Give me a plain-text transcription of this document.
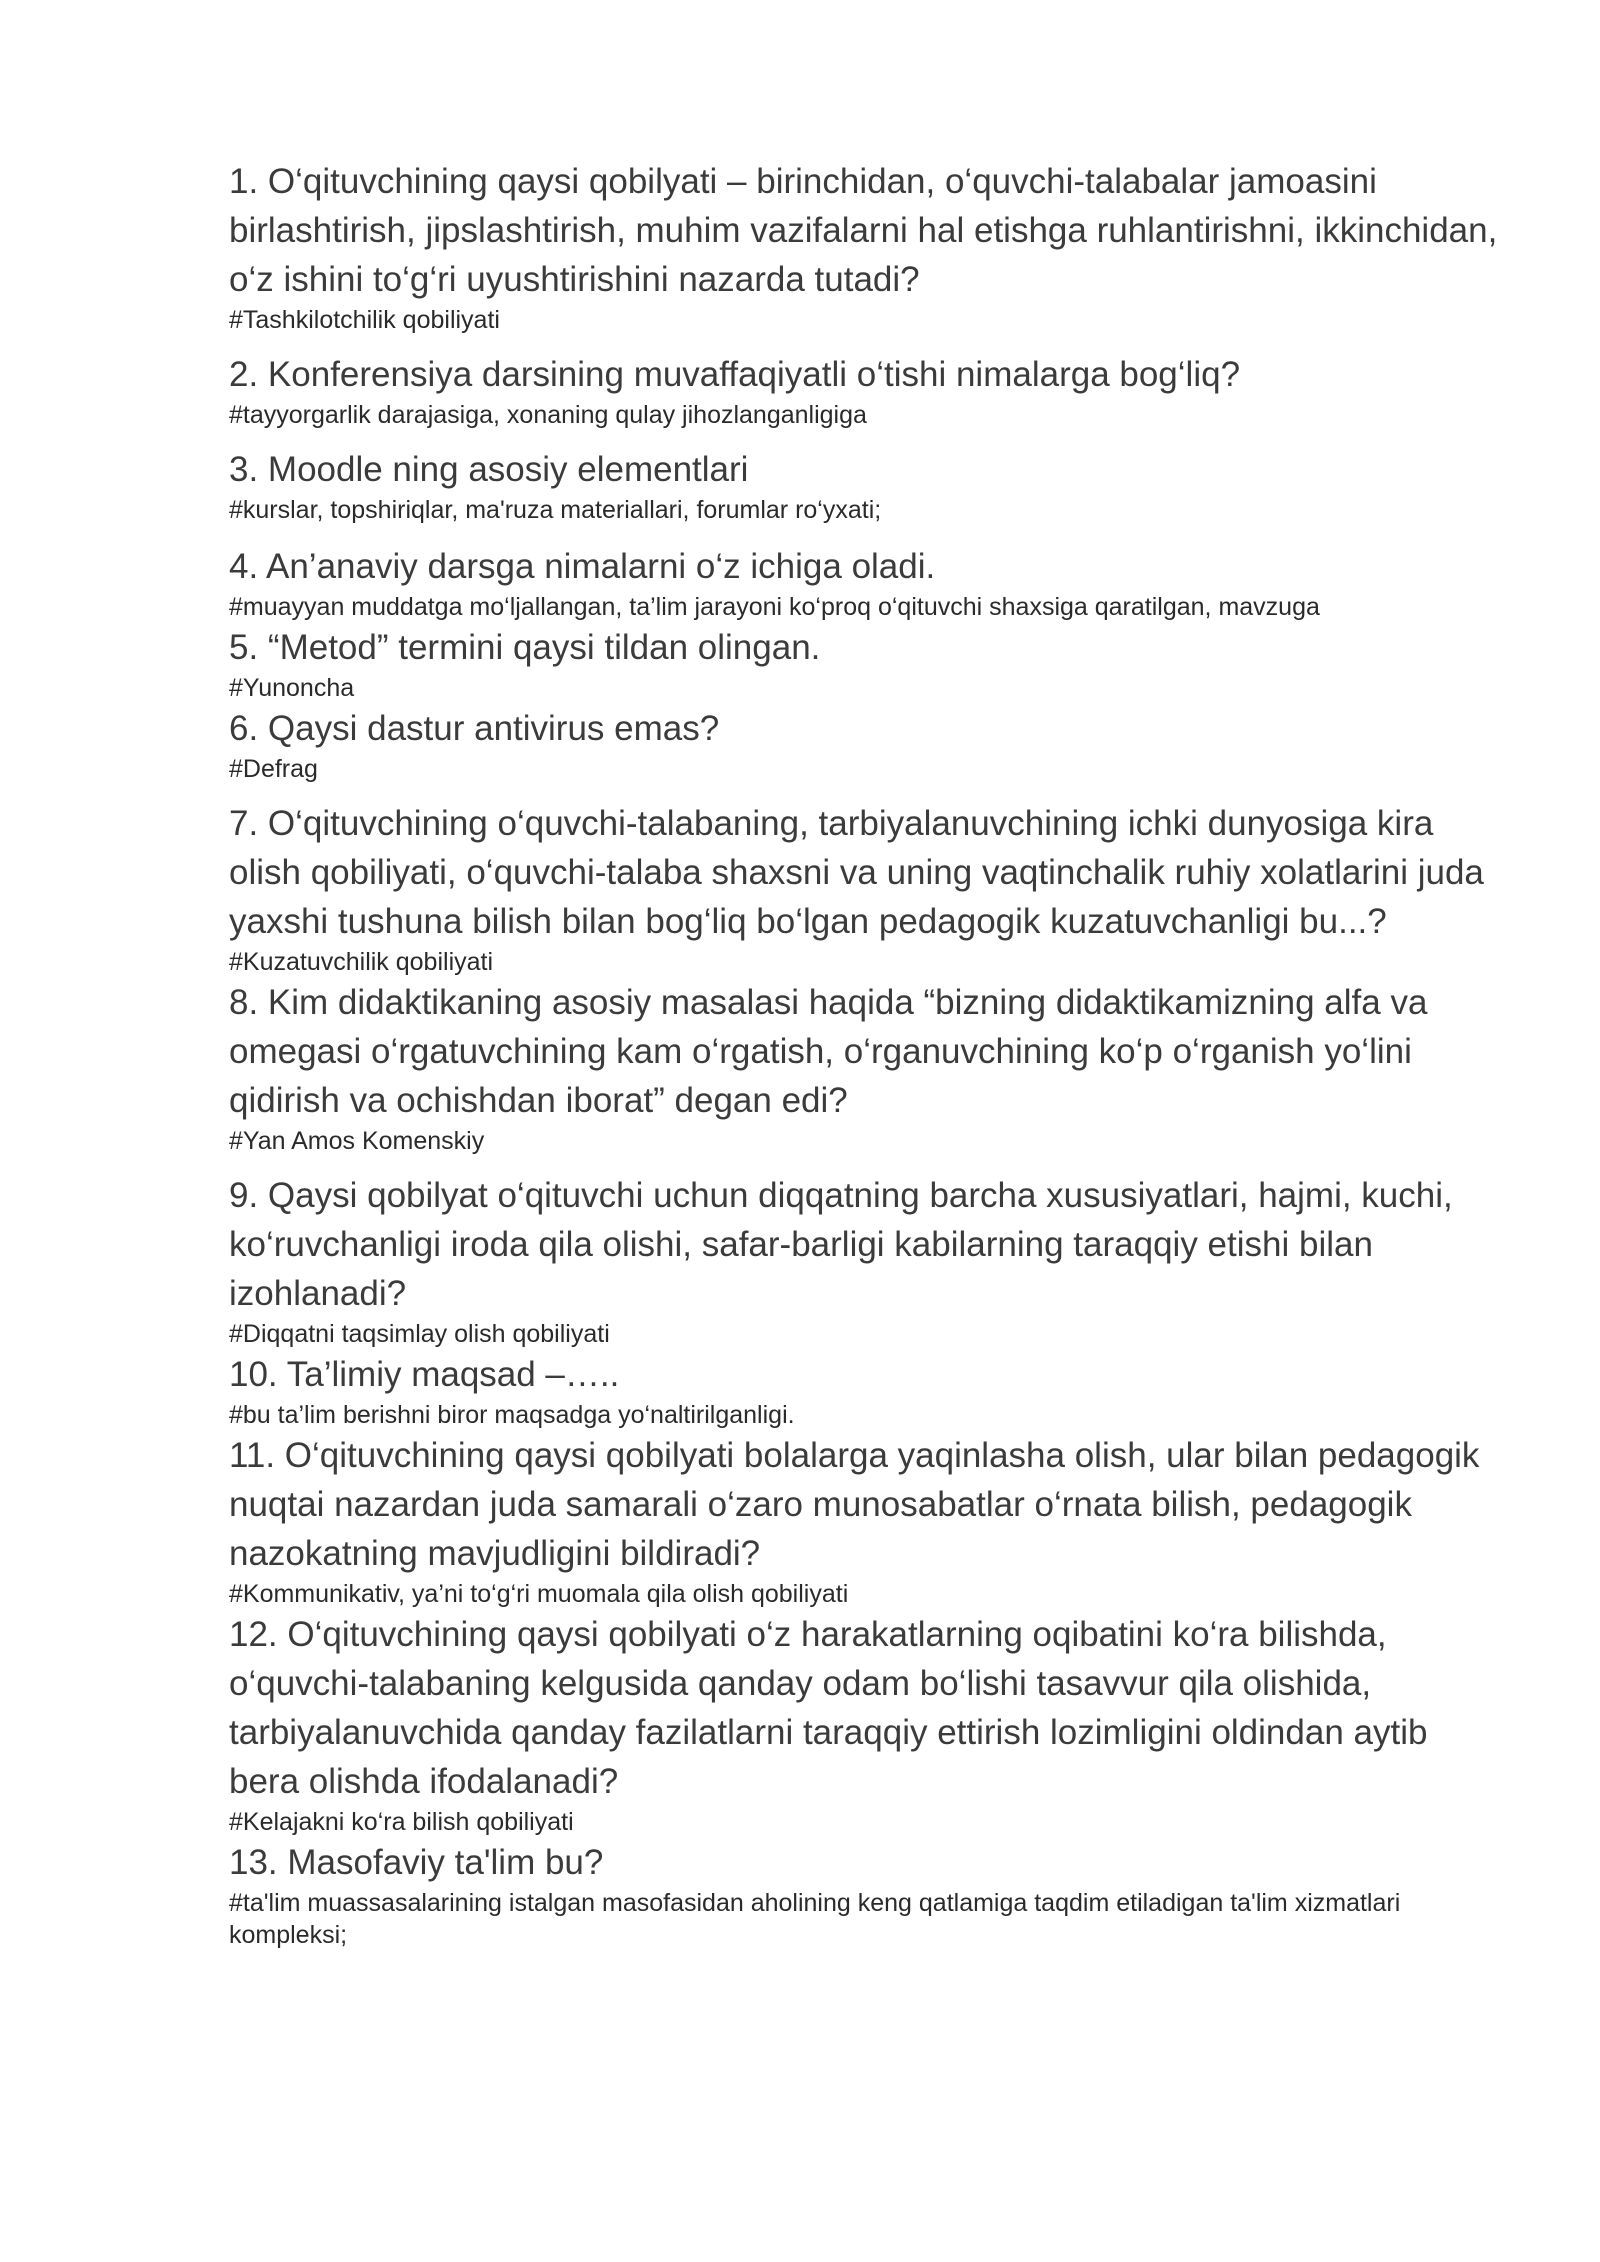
1. O‘qituvchining qaysi qobilyati – birinchidan, o‘quvchi-talabalar jamoasini birlashtirish, jipslashtirish, muhim vazifalarni hal etishga ruhlantirishni, ikkinchidan, o‘z ishini to‘g‘ri uyushtirishini nazarda tutadi?

#Tashkilotchilik qobiliyati

2. Konferensiya darsining muvaffaqiyatli o‘tishi nimalarga bog‘liq?

#tayyorgarlik darajasiga, xonaning qulay jihozlanganligiga

3. Moodle ning asosiy elementlari

#kurslar, topshiriqlar, ma'ruza materiallari, forumlar ro‘yxati;

4. An’anaviy darsga nimalarni o‘z ichiga oladi.

#muayyan muddatga mo‘ljallangan, ta’lim jarayoni ko‘proq o‘qituvchi shaxsiga qaratilgan, mavzuga

5. “Metod” termini qaysi tildan olingan.

#Yunoncha

6. Qaysi dastur antivirus emas?

#Defrag

7. O‘qituvchining o‘quvchi-talabaning, tarbiyalanuvchining ichki dunyosiga kira olish qobiliyati, o‘quvchi-talaba shaxsni va uning vaqtinchalik ruhiy xolatlarini juda yaxshi tushuna bilish bilan bog‘liq bo‘lgan pedagogik kuzatuvchanligi bu...?

#Kuzatuvchilik qobiliyati

8. Kim didaktikaning asosiy masalasi haqida “bizning didaktikamizning alfa va omegasi o‘rgatuvchining kam o‘rgatish, o‘rganuvchining ko‘p o‘rganish yo‘lini qidirish va ochishdan iborat” degan edi?

#Yan Amos Komenskiy

9. Qaysi qobilyat o‘qituvchi uchun diqqatning barcha xususiyatlari, hajmi, kuchi, ko‘ruvchanligi iroda qila olishi, safar-barligi kabilarning taraqqiy etishi bilan izohlanadi?

#Diqqatni taqsimlay olish qobiliyati

10. Ta’limiy maqsad –…..

#bu ta’lim berishni biror maqsadga yo‘naltirilganligi.

11. O‘qituvchining qaysi qobilyati bolalarga yaqinlasha olish, ular bilan pedagogik nuqtai nazardan juda samarali o‘zaro munosabatlar o‘rnata bilish, pedagogik nazokatning mavjudligini bildiradi?

#Kommunikativ, ya’ni to‘g‘ri muomala qila olish qobiliyati

12. O‘qituvchining qaysi qobilyati o‘z harakatlarning oqibatini ko‘ra bilishda, o‘quvchi-talabaning kelgusida qanday odam bo‘lishi tasavvur qila olishida, tarbiyalanuvchida qanday fazilatlarni taraqqiy ettirish lozimligini oldindan aytib bera olishda ifodalanadi?

#Kelajakni ko‘ra bilish qobiliyati

13. Masofaviy ta'lim bu?

#ta'lim muassasalarining istalgan masofasidan aholining keng qatlamiga taqdim etiladigan ta'lim xizmatlari kompleksi;
